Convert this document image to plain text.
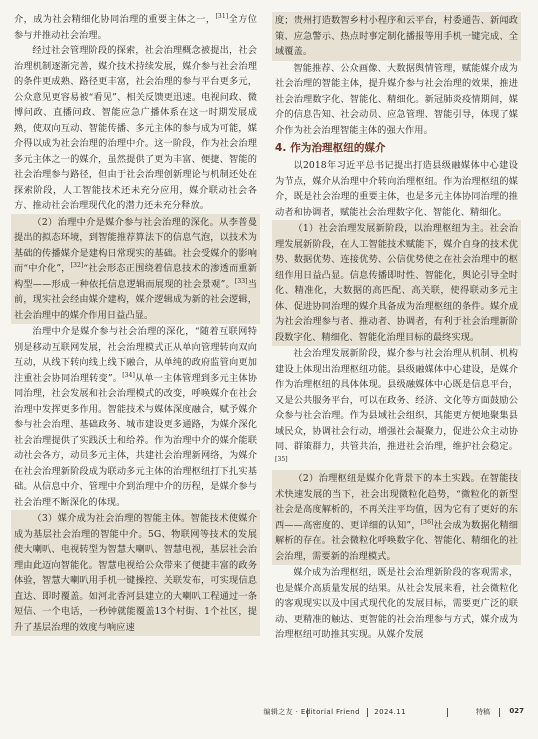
介，成为社会精细化协同治理的重要主体之一，[31]全方位参与并推动社会治理。

经过社会管理阶段的探索，社会治理概念被提出，社会治理机制逐渐完善，媒介技术持续发展，媒介参与社会治理的条件更成熟、路径更丰富，社会治理的参与平台更多元，公众意见更容易被“看见”、相关反馈更迅速。电视问政、微博问政、直播问政、智能应急广播体系在这一时期发展成熟，使双向互动、智能传播、多元主体的参与成为可能，媒介得以成为社会治理的治理中介。这一阶段，作为社会治理多元主体之一的媒介，虽然提供了更为丰富、便捷、智能的社会治理参与路径，但由于社会治理创新理论与机制还处在探索阶段，人工智能技术还未充分应用，媒介联动社会各方、推动社会治理现代化的潜力还未充分释放。

（2）治理中介是媒介参与社会治理的深化。从李普曼提出的拟态环境，到智能推荐算法下的信息气泡，以技术为基础的传播媒介是建构日常现实的基础。社会受媒介的影响而“中介化”，[32]“社会形态正围绕着信息技术的渗透而重新构型——形成一种依托信息逻辑而展现的社会景观”。[33]当前，现实社会经由媒介建构，媒介逻辑成为新的社会逻辑，社会治理中的媒介作用日益凸显。

治理中介是媒介参与社会治理的深化，“随着互联网特别是移动互联网发展，社会治理模式正从单向管理转向双向互动，从线下转向线上线下融合，从单纯的政府监管向更加注重社会协同治理转变”。[34]从单一主体管理到多元主体协同治理，社会发展和社会治理模式的改变，呼唤媒介在社会治理中发挥更多作用。智能技术与媒体深度融合，赋予媒介参与社会治理、基础政务、城市建设更多通路，为媒介深化社会治理提供了实践沃土和给养。作为治理中介的媒介能联动社会各方，动员多元主体，共建社会治理新网络，为媒介在社会治理新阶段成为联动多元主体的治理枢纽打下扎实基础。从信息中介、管理中介到治理中介的历程，是媒介参与社会治理不断深化的体现。

（3）媒介成为社会治理的智能主体。智能技术使媒介成为基层社会治理的智能中介。5G、物联网等技术的发展使大喇叭、电视转型为智慧大喇叭、智慧电视，基层社会治理由此迈向智能化。智慧电视给公众带来了便捷丰富的政务体验，智慧大喇叭用手机一键操控、关联发布，可实现信息直达、即时覆盖。如河北香河县建立的大喇叭工程通过一条短信、一个电话，一秒钟就能覆盖13个村街、1个社区，提升了基层治理的效度与响应速

度；贵州打造数智乡村小程序和云平台，村委通告、新闻政策、应急警示、热点时事定制化播报等用手机一键完成、全域覆盖。

智能推荐、公众画像、大数据舆情管理，赋能媒介成为社会治理的智能主体，提升媒介参与社会治理的效果，推进社会治理数字化、智能化、精细化。新冠肺炎疫情期间，媒介的信息告知、社会动员、应急管理、智能引导，体现了媒介作为社会治理智能主体的强大作用。

4. 作为治理枢纽的媒介

以2018年习近平总书记提出打造县级融媒体中心建设为节点，媒介从治理中介转向治理枢纽。作为治理枢纽的媒介，既是社会治理的重要主体，也是多元主体协同治理的推动者和协调者，赋能社会治理数字化、智能化、精细化。

（1）社会治理发展新阶段，以治理枢纽为主。社会治理发展新阶段，在人工智能技术赋能下，媒介自身的技术优势、数据优势、连接优势、公信优势使之在社会治理中的枢纽作用日益凸显。信息传播即时性、智能化，舆论引导全时化、精准化，大数据的高匹配、高关联，使得联动多元主体、促进协同治理的媒介具备成为治理枢纽的条件。媒介成为社会治理参与者、推动者、协调者，有利于社会治理新阶段数字化、精细化、智能化治理目标的最终实现。

社会治理发展新阶段，媒介参与社会治理从机制、机构建设上体现出治理枢纽功能。县级融媒体中心建设，是媒介作为治理枢纽的具体体现。县级融媒体中心既是信息平台，又是公共服务平台，可以在政务、经济、文化等方面鼓励公众参与社会治理。作为县域社会组织，其能更方便地聚集县域民众，协调社会行动，增强社会凝聚力，促进公众主动协同、群策群力，共管共治，推进社会治理，维护社会稳定。[35]

（2）治理枢纽是媒介化背景下的本土实践。在智能技术快速发展的当下，社会出现微粒化趋势，“微粒化的新型社会是高度解析的，不再关注平均值，因为它有了更好的东西——高密度的、更详细的认知”，[36]社会成为数据化精细解析的存在。社会微粒化呼唤数字化、智能化、精细化的社会治理，需要新的治理模式。

媒介成为治理枢纽，既是社会治理新阶段的客观需求，也是媒介高质量发展的结果。从社会发展来看，社会微粒化的客观现实以及中国式现代化的发展目标，需要更广泛的联动、更精准的触达、更智能的社会治理参与方式，媒介成为治理枢纽可助推其实现。从媒介发展

编辑之友 · Editorial Friend 2024.11	特稿	027
